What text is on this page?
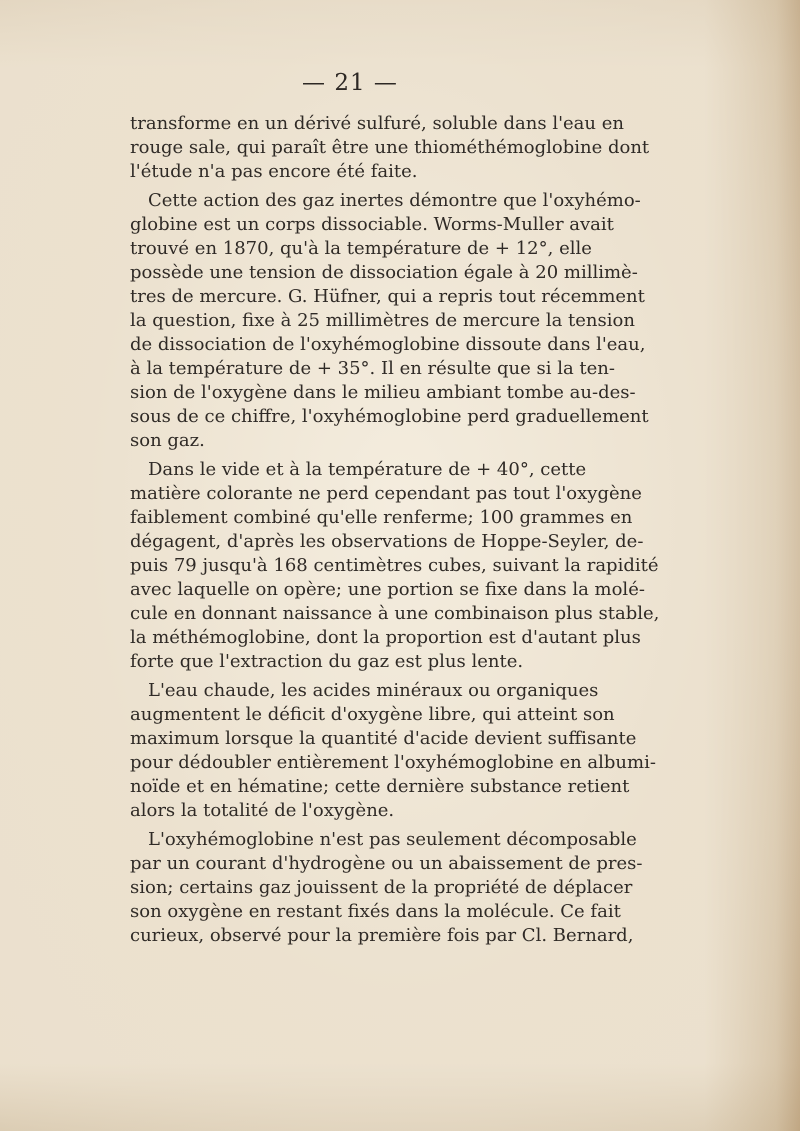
— 21 —
transforme en un dérivé sulfuré, soluble dans l'eau en
rouge sale, qui paraît être une thiométhémoglobine dont
l'étude n'a pas encore été faite.
Cette action des gaz inertes démontre que l'oxyhémo-
globine est un corps dissociable. Worms-Muller avait
trouvé en 1870, qu'à la température de + 12°, elle
possède une tension de dissociation égale à 20 millimè-
tres de mercure. G. Hüfner, qui a repris tout récemment
la question, fixe à 25 millimètres de mercure la tension
de dissociation de l'oxyhémoglobine dissoute dans l'eau,
à la température de + 35°. Il en résulte que si la ten-
sion de l'oxygène dans le milieu ambiant tombe au-des-
sous de ce chiffre, l'oxyhémoglobine perd graduellement
son gaz.
Dans le vide et à la température de + 40°, cette
matière colorante ne perd cependant pas tout l'oxygène
faiblement combiné qu'elle renferme; 100 grammes en
dégagent, d'après les observations de Hoppe-Seyler, de-
puis 79 jusqu'à 168 centimètres cubes, suivant la rapidité
avec laquelle on opère; une portion se fixe dans la molé-
cule en donnant naissance à une combinaison plus stable,
la méthémoglobine, dont la proportion est d'autant plus
forte que l'extraction du gaz est plus lente.
L'eau chaude, les acides minéraux ou organiques
augmentent le déficit d'oxygène libre, qui atteint son
maximum lorsque la quantité d'acide devient suffisante
pour dédoubler entièrement l'oxyhémoglobine en albumi-
noïde et en hématine; cette dernière substance retient
alors la totalité de l'oxygène.
L'oxyhémoglobine n'est pas seulement décomposable
par un courant d'hydrogène ou un abaissement de pres-
sion; certains gaz jouissent de la propriété de déplacer
son oxygène en restant fixés dans la molécule. Ce fait
curieux, observé pour la première fois par Cl. Bernard,
